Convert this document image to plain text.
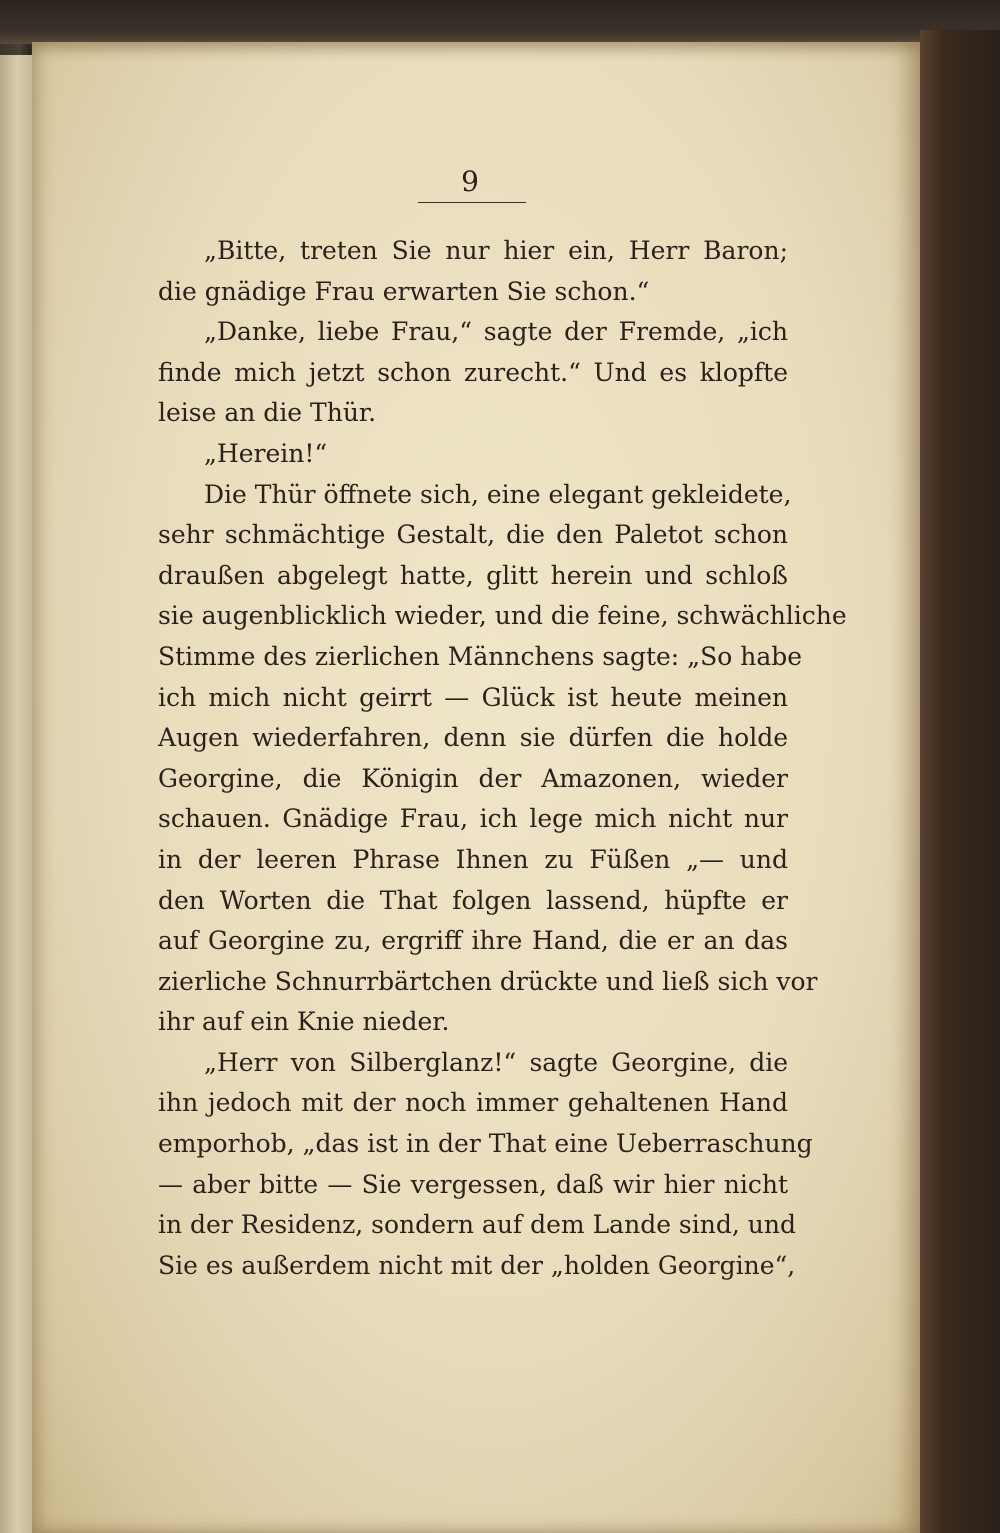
9
„Bitte, treten Sie nur hier ein, Herr Baron;
die gnädige Frau erwarten Sie schon.“
„Danke, liebe Frau,“ sagte der Fremde, „ich
finde mich jetzt schon zurecht.“ Und es klopfte
leise an die Thür.
„Herein!“
Die Thür öffnete sich, eine elegant gekleidete,
sehr schmächtige Gestalt, die den Paletot schon
draußen abgelegt hatte, glitt herein und schloß
sie augenblicklich wieder, und die feine, schwächliche
Stimme des zierlichen Männchens sagte: „So habe
ich mich nicht geirrt — Glück ist heute meinen
Augen wiederfahren, denn sie dürfen die holde
Georgine, die Königin der Amazonen, wieder
schauen. Gnädige Frau, ich lege mich nicht nur
in der leeren Phrase Ihnen zu Füßen „— und
den Worten die That folgen lassend, hüpfte er
auf Georgine zu, ergriff ihre Hand, die er an das
zierliche Schnurrbärtchen drückte und ließ sich vor
ihr auf ein Knie nieder.
„Herr von Silberglanz!“ sagte Georgine, die
ihn jedoch mit der noch immer gehaltenen Hand
emporhob, „das ist in der That eine Ueberraschung
— aber bitte — Sie vergessen, daß wir hier nicht
in der Residenz, sondern auf dem Lande sind, und
Sie es außerdem nicht mit der „holden Georgine“,
